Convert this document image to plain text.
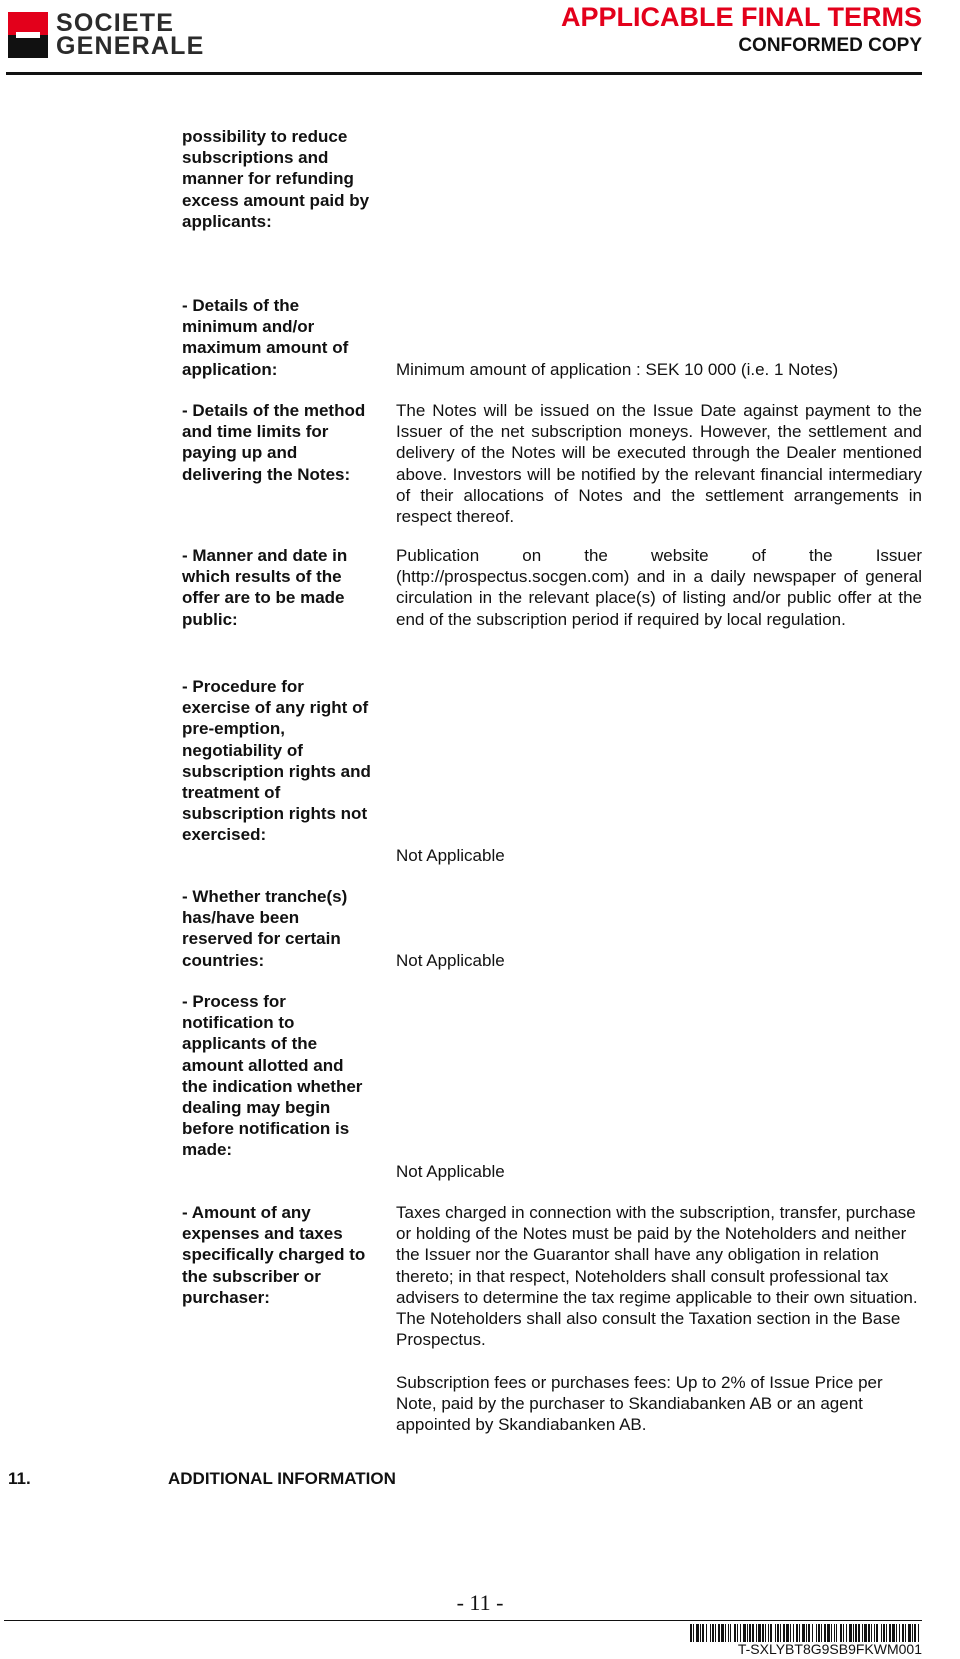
SOCIETE
GENERALE
APPLICABLE FINAL TERMS
CONFORMED COPY
possibility to reduce subscriptions and manner for refunding excess amount paid by applicants:
- Details of the minimum and/or maximum amount of application:	Minimum amount of application : SEK 10 000 (i.e. 1 Notes)
- Details of the method and time limits for paying up and delivering the Notes:
The Notes will be issued on the Issue Date against payment to the Issuer of the net subscription moneys. However, the settlement and delivery of the Notes will be executed through the Dealer mentioned above. Investors will be notified by the relevant financial intermediary of their allocations of Notes and the settlement arrangements in respect thereof.
- Manner and date in which results of the offer are to be made public:
Publication on the website of the Issuer (http://prospectus.socgen.com) and in a daily newspaper of general circulation in the relevant place(s) of listing and/or public offer at the end of the subscription period if required by local regulation.
- Procedure for exercise of any right of pre-emption, negotiability of subscription rights and treatment of subscription rights not exercised:
Not Applicable
- Whether tranche(s) has/have been reserved for certain countries:	Not Applicable
- Process for notification to applicants of the amount allotted and the indication whether dealing may begin before notification is made:
Not Applicable
- Amount of any expenses and taxes specifically charged to the subscriber or purchaser:
Taxes charged in connection with the subscription, transfer, purchase or holding of the Notes must be paid by the Noteholders and neither the Issuer nor the Guarantor shall have any obligation in relation thereto; in that respect, Noteholders shall consult professional tax advisers to determine the tax regime applicable to their own situation. The Noteholders shall also consult the Taxation section in the Base Prospectus.
Subscription fees or purchases fees: Up to 2% of Issue Price per Note, paid by the purchaser to Skandiabanken AB or an agent appointed by Skandiabanken AB.
11.	ADDITIONAL INFORMATION
- 11 -
T-SXLYBT8G9SB9FKWM001
